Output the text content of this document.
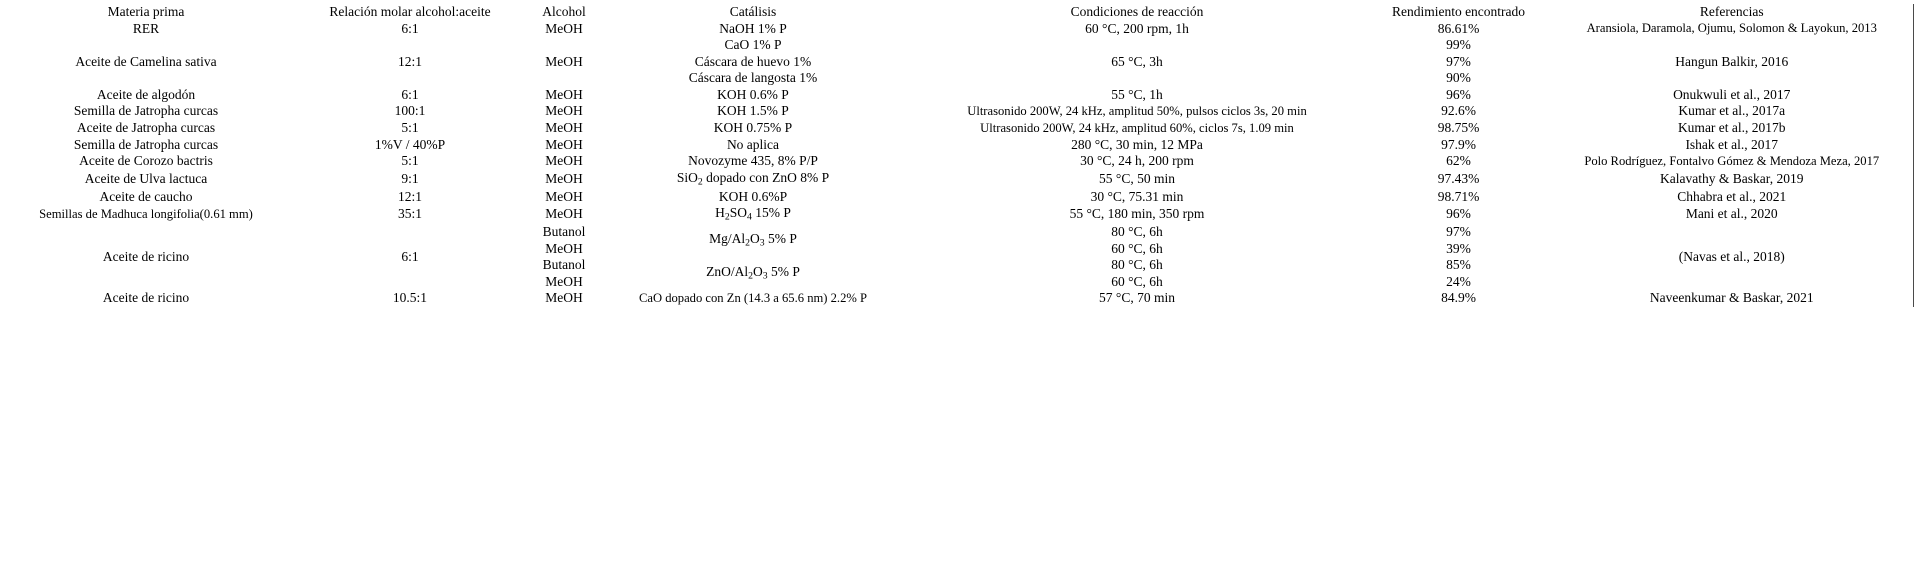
Materia prima	Relación molar alcohol:aceite	Alcohol	Catálisis	Condiciones de reacción	Rendimiento encontrado	Referencias
RER	6:1	MeOH	NaOH 1% P	60 °C, 200 rpm, 1h	86.61%	Aransiola, Daramola, Ojumu, Solomon & Layokun, 2013
Aceite de Camelina sativa	12:1	MeOH	CaO 1% P	65 °C, 3h	99%	Hangun Balkir, 2016
			Cáscara de huevo 1%		97%	
			Cáscara de langosta 1%		90%	
Aceite de algodón	6:1	MeOH	KOH 0.6% P	55 °C, 1h	96%	Onukwuli et al., 2017
Semilla de Jatropha curcas	100:1	MeOH	KOH 1.5% P	Ultrasonido 200W, 24 kHz, amplitud 50%, pulsos ciclos 3s, 20 min	92.6%	Kumar et al., 2017a
Aceite de Jatropha curcas	5:1	MeOH	KOH 0.75% P	Ultrasonido 200W, 24 kHz, amplitud 60%, ciclos 7s, 1.09 min	98.75%	Kumar et al., 2017b
Semilla de Jatropha curcas	1%V / 40%P	MeOH	No aplica	280 °C, 30 min, 12 MPa	97.9%	Ishak et al., 2017
Aceite de Corozo bactris	5:1	MeOH	Novozyme 435, 8% P/P	30 °C, 24 h, 200 rpm	62%	Polo Rodríguez, Fontalvo Gómez & Mendoza Meza, 2017
Aceite de Ulva lactuca	9:1	MeOH	SiO$_2$ dopado con ZnO 8% P	55 °C, 50 min	97.43%	Kalavathy & Baskar, 2019
Aceite de caucho	12:1	MeOH	KOH 0.6%P	30 °C, 75.31 min	98.71%	Chhabra et al., 2021
Semillas de Madhuca longifolia(0.61 mm)	35:1	MeOH	$H_2SO_4$ 15% P	55 °C, 180 min, 350 rpm	96%	Mani et al., 2020
Aceite de ricino	6:1	Butanol	$Mg/Al_2O_3$ 5% P	80 °C, 6h	97%	(Navas et al., 2018)
		MeOH		60 °C, 6h	39%	
		Butanol	ZnO/$Al_2O_3$ 5% P	80 °C, 6h	85%	
		MeOH		60 °C, 6h	24%	
Aceite de ricino	10.5:1	MeOH	CaO dopado con Zn (14.3 a 65.6 nm) 2.2% P	57 °C, 70 min	84.9%	Naveenkumar & Baskar, 2021
